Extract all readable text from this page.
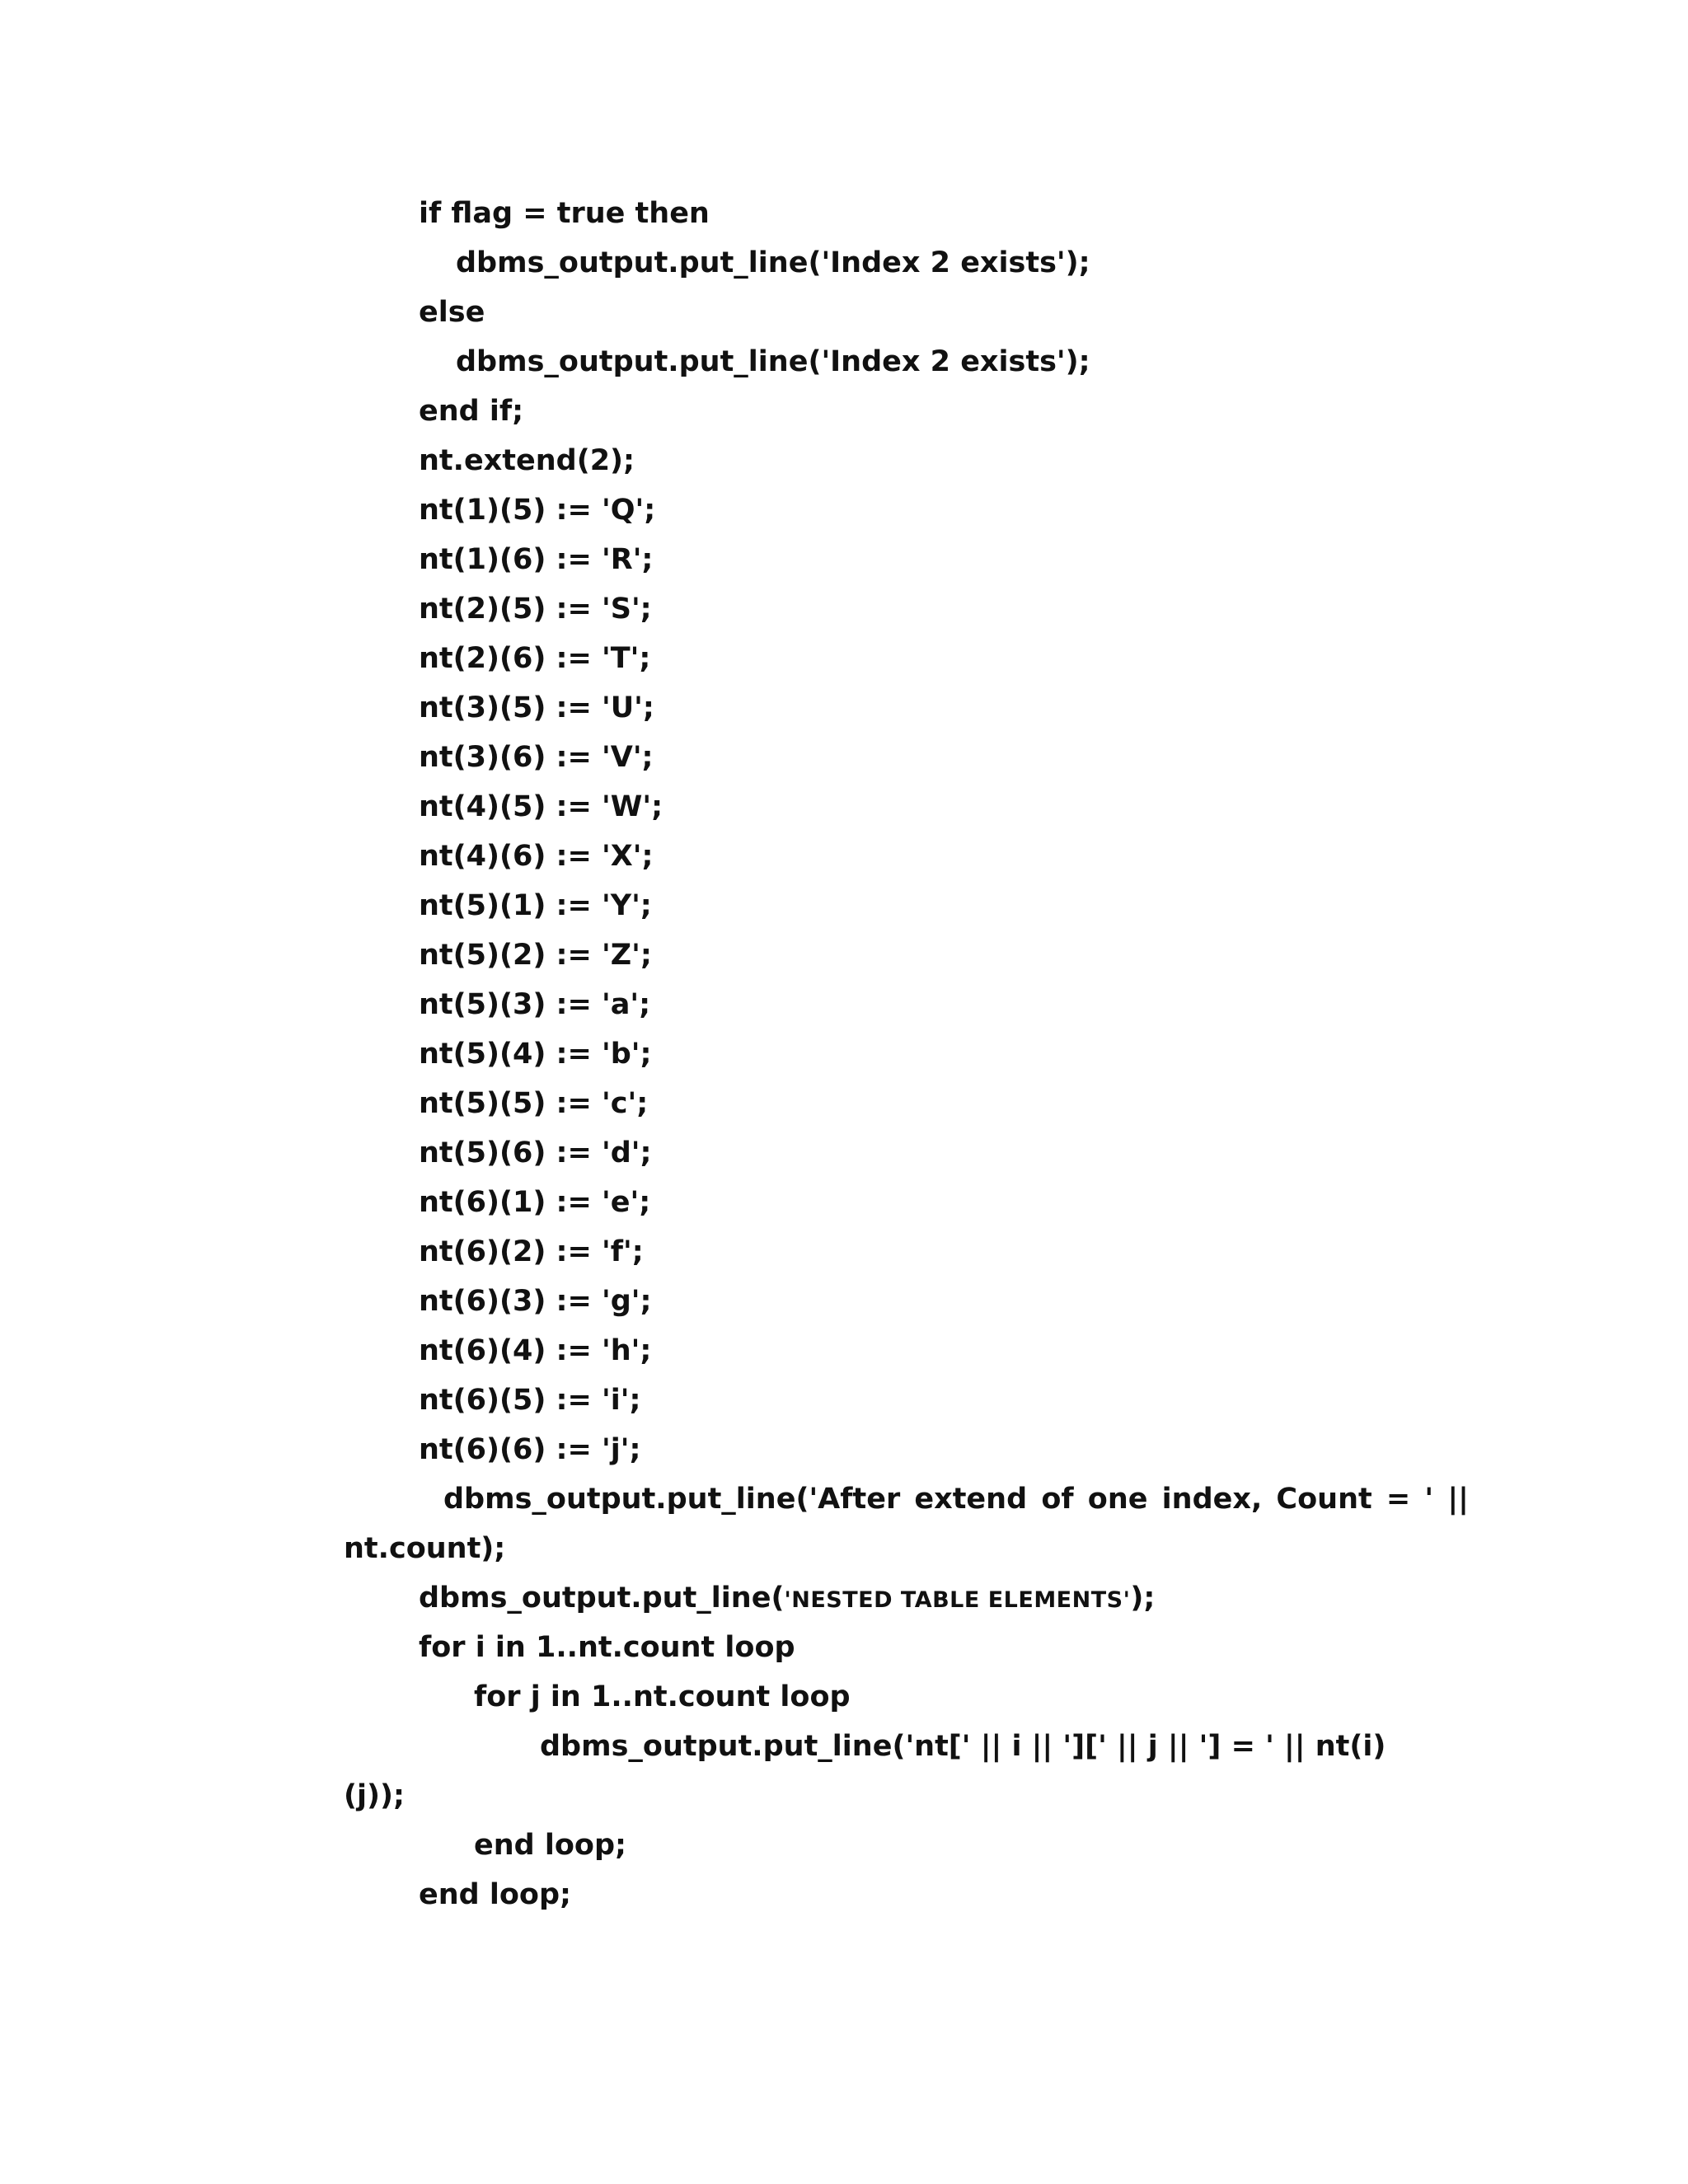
if flag = true then
dbms_output.put_line('Index 2 exists');
else
dbms_output.put_line('Index 2 exists');
end if;
nt.extend(2);
nt(1)(5) := 'Q';
nt(1)(6) := 'R';
nt(2)(5) := 'S';
nt(2)(6) := 'T';
nt(3)(5) := 'U';
nt(3)(6) := 'V';
nt(4)(5) := 'W';
nt(4)(6) := 'X';
nt(5)(1) := 'Y';
nt(5)(2) := 'Z';
nt(5)(3) := 'a';
nt(5)(4) := 'b';
nt(5)(5) := 'c';
nt(5)(6) := 'd';
nt(6)(1) := 'e';
nt(6)(2) := 'f';
nt(6)(3) := 'g';
nt(6)(4) := 'h';
nt(6)(5) := 'i';
nt(6)(6) := 'j';
dbms_output.put_line('After extend of one index, Count = ' ||
nt.count);
dbms_output.put_line('NESTED TABLE ELEMENTS');
for i in 1..nt.count loop
for j in 1..nt.count loop
dbms_output.put_line('nt[' || i || '][' || j || '] = ' || nt(i)
(j));
end loop;
end loop;
